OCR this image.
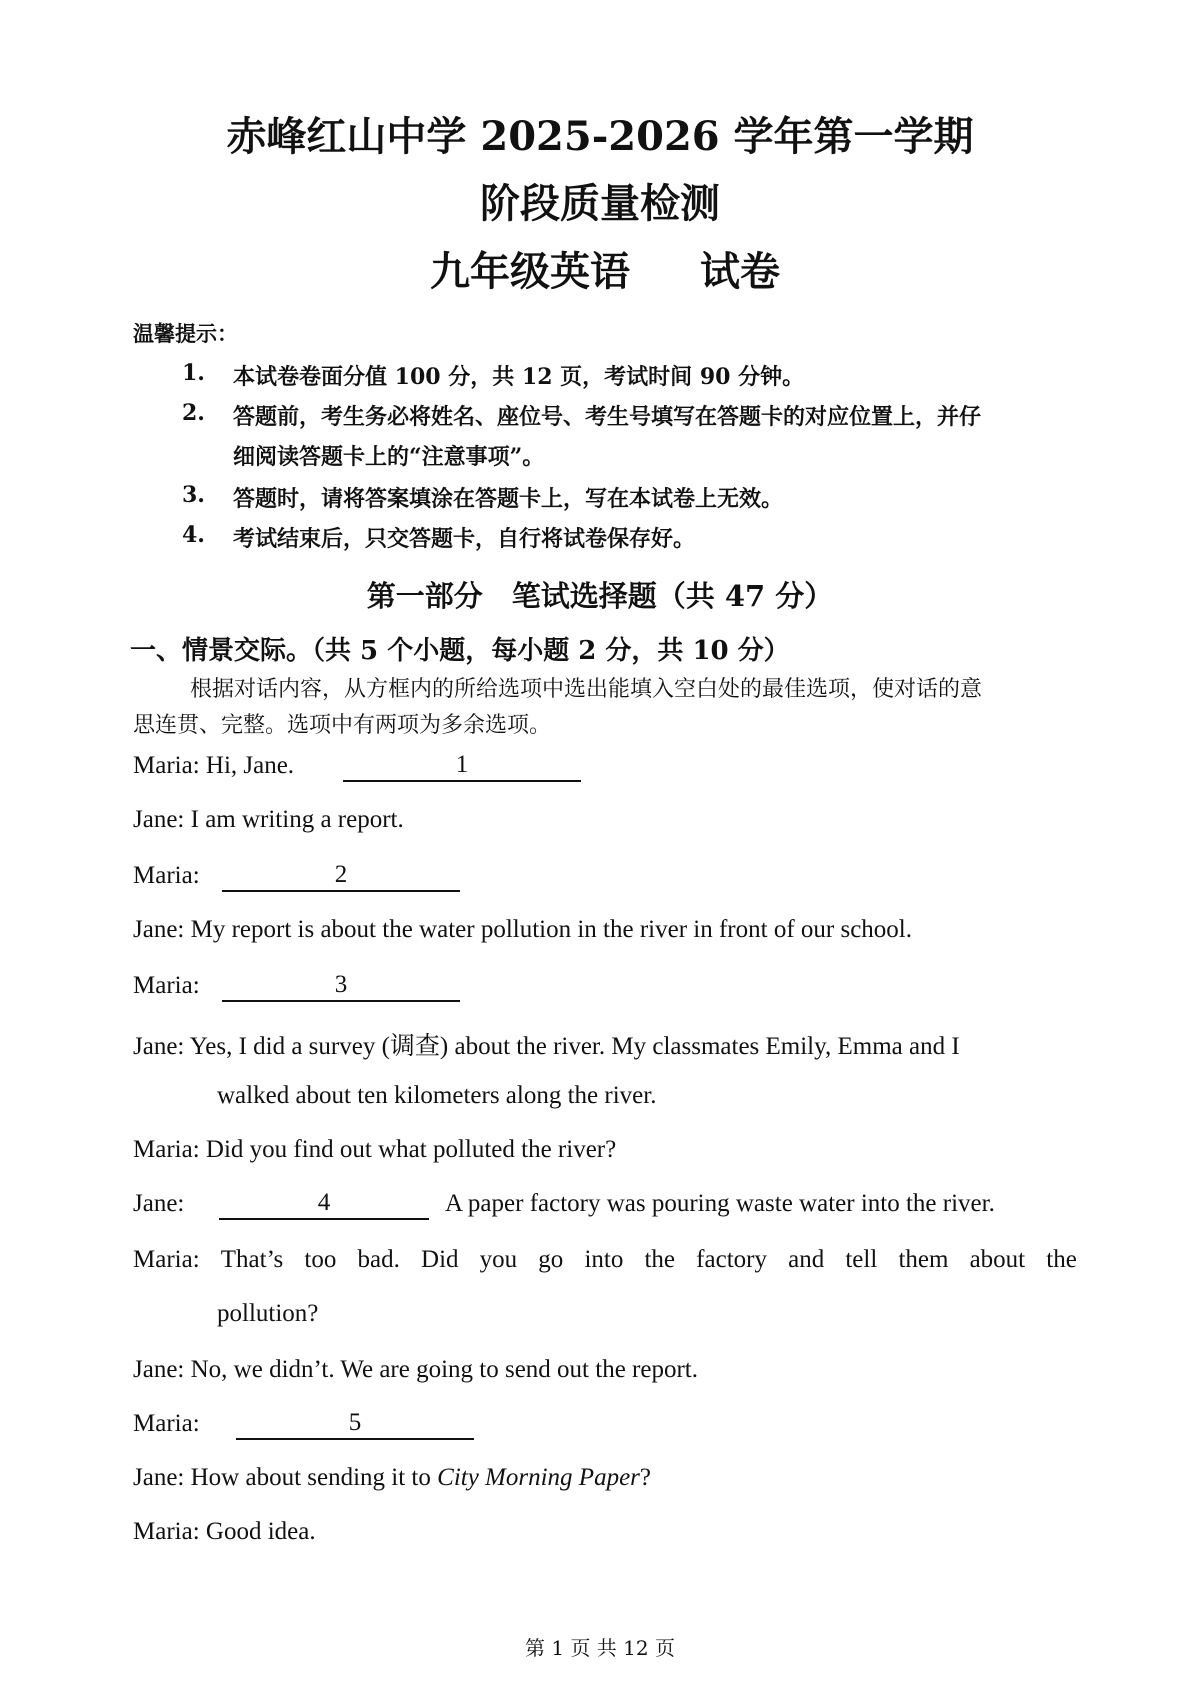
赤峰红山中学 2025-2026 学年第一学期
阶段质量检测
九年级英语 试卷
温馨提示：
1. 本试卷卷面分值 100 分，共 12 页，考试时间 90 分钟。
2. 答题前，考生务必将姓名、座位号、考生号填写在答题卡的对应位置上，并仔
细阅读答题卡上的“注意事项”。
3. 答题时，请将答案填涂在答题卡上，写在本试卷上无效。
4. 考试结束后，只交答题卡，自行将试卷保存好。
第一部分　笔试选择题（共 47 分）
一、情景交际。（共 5 个小题，每小题 2 分，共 10 分）
根据对话内容，从方框内的所给选项中选出能填入空白处的最佳选项，使对话的意
思连贯、完整。选项中有两项为多余选项。
Maria: Hi, Jane.	1
Jane: I am writing a report.
Maria:	2
Jane: My report is about the water pollution in the river in front of our school.
Maria:	3
Jane: Yes, I did a survey (调查) about the river. My classmates Emily, Emma and I
walked about ten kilometers along the river.
Maria: Did you find out what polluted the river?
Jane:	4	A paper factory was pouring waste water into the river.
Maria: That’s too bad. Did you go into the factory and tell them about the
pollution?
Jane: No, we didn’t. We are going to send out the report.
Maria:	5
Jane: How about sending it to City Morning Paper?
Maria: Good idea.
第 1 页 共 12 页
